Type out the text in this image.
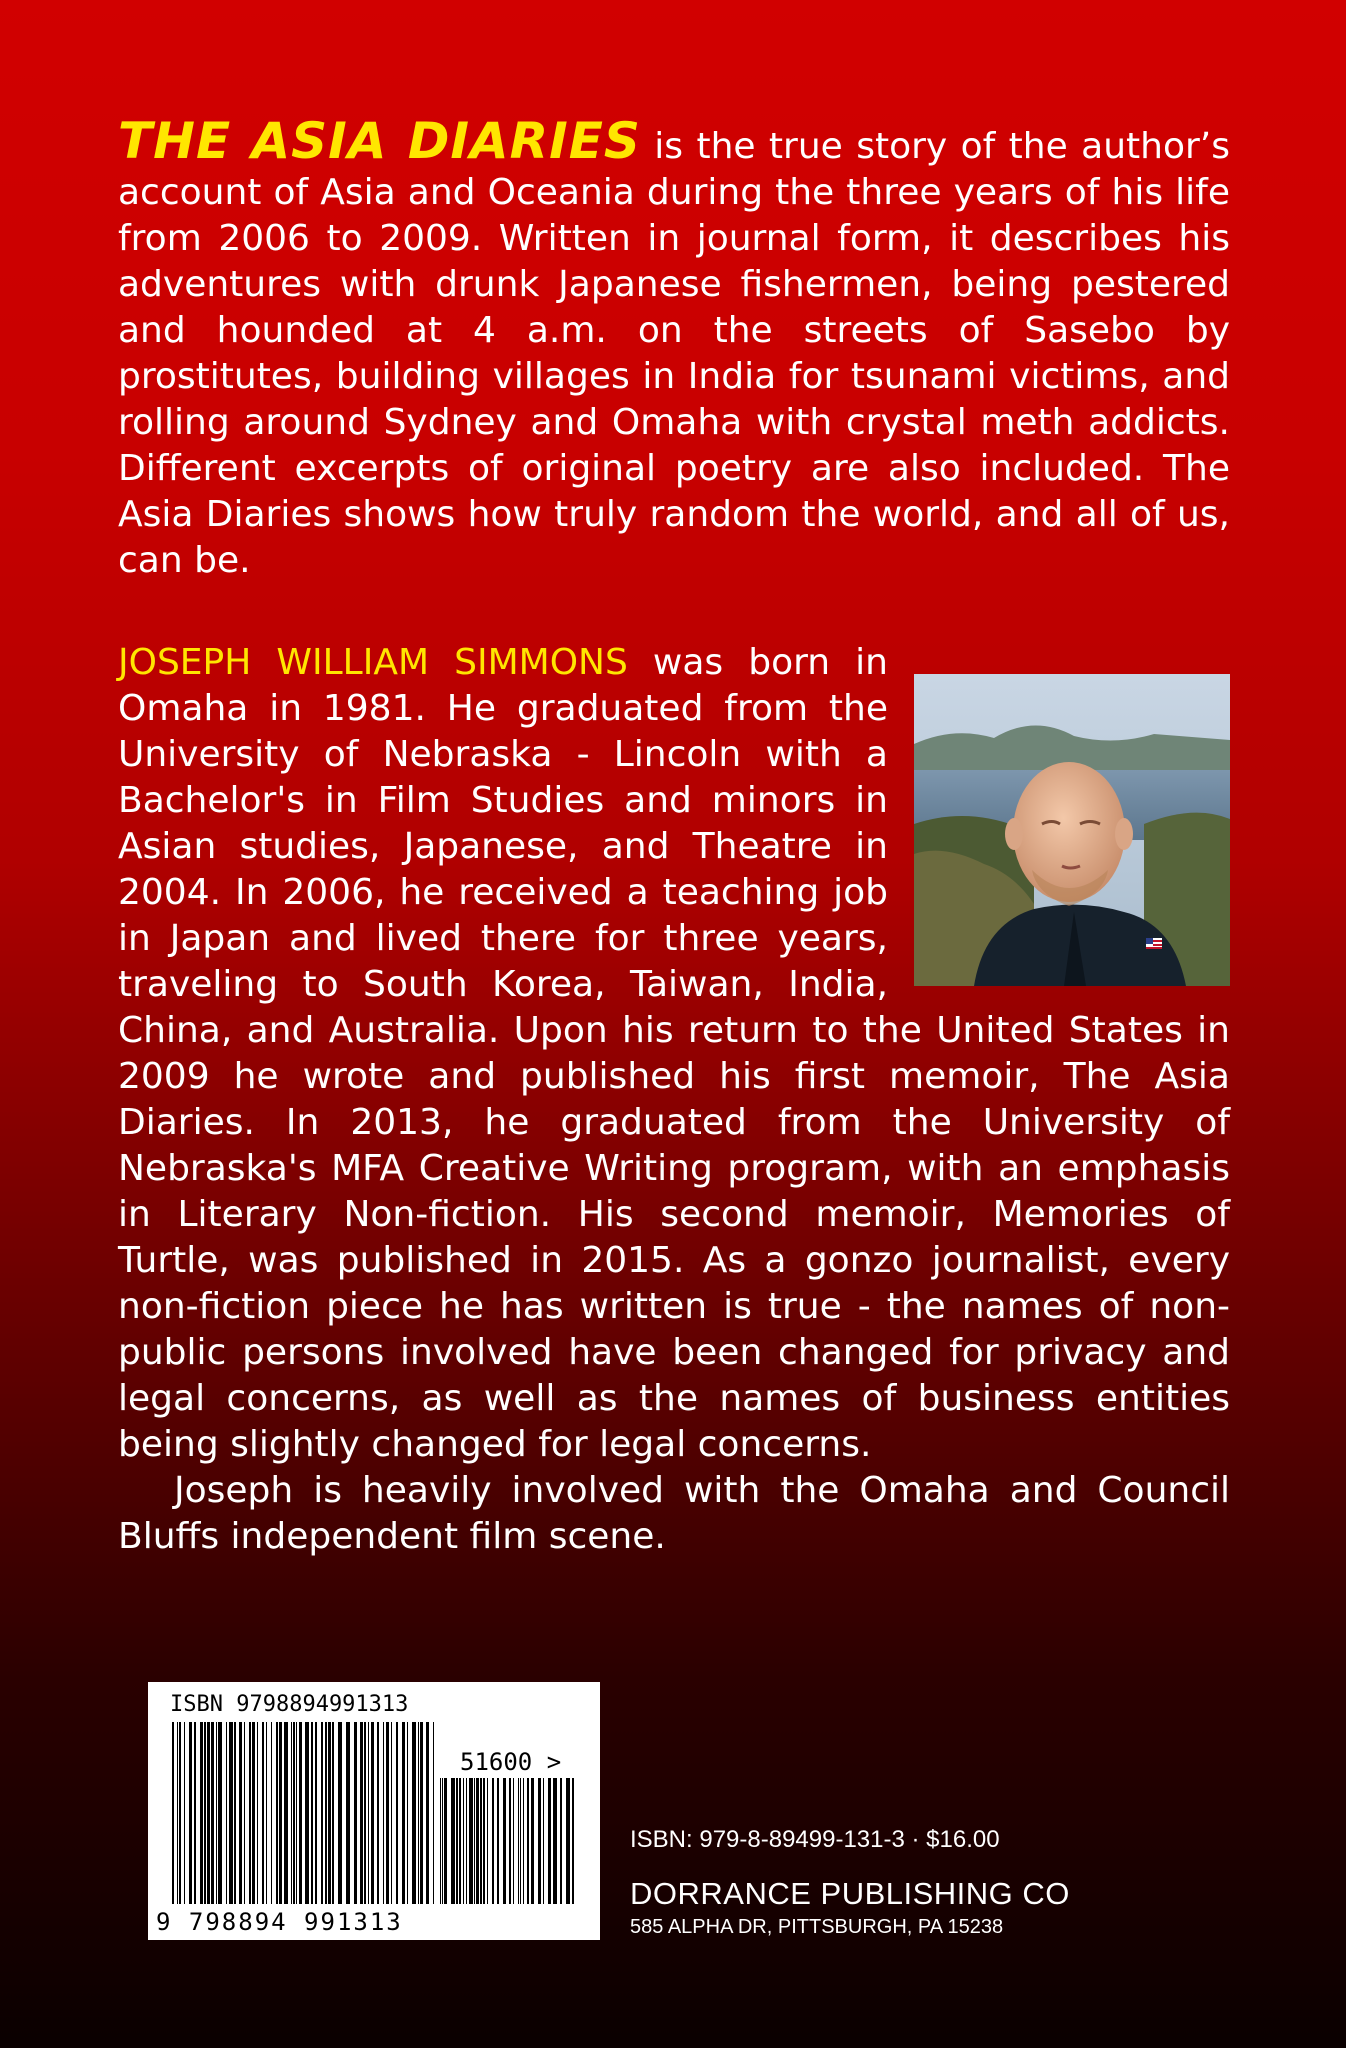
THE ASIA DIARIES is the true story of the author’s account of Asia and Oceania during the three years of his life from 2006 to 2009. Written in journal form, it describes his adventures with drunk Japanese fishermen, being pestered and hounded at 4 a.m. on the streets of Sasebo by prostitutes, building villages in India for tsunami victims, and rolling around Sydney and Omaha with crystal meth addicts. Different excerpts of original poetry are also included. The Asia Diaries shows how truly random the world, and all of us, can be.
JOSEPH WILLIAM SIMMONS was born in Omaha in 1981. He graduated from the University of Nebraska - Lincoln with a Bachelor's in Film Studies and minors in Asian studies, Japanese, and Theatre in 2004. In 2006, he received a teaching job in Japan and lived there for three years, traveling to South Korea, Taiwan, India, China, and Australia. Upon his return to the United States in 2009 he wrote and published his first memoir, The Asia Diaries. In 2013, he graduated from the University of Nebraska's MFA Creative Writing program, with an emphasis in Literary Non-fiction. His second memoir, Memories of Turtle, was published in 2015. As a gonzo journalist, every non-fiction piece he has written is true - the names of non-public persons involved have been changed for privacy and legal concerns, as well as the names of business entities being slightly changed for legal concerns.
Joseph is heavily involved with the Omaha and Council Bluffs independent film scene.
ISBN 9798894991313
51600 >
9 798894 991313
ISBN: 979-8-89499-131-3 · $16.00
DORRANCE PUBLISHING CO
585 ALPHA DR, PITTSBURGH, PA 15238
